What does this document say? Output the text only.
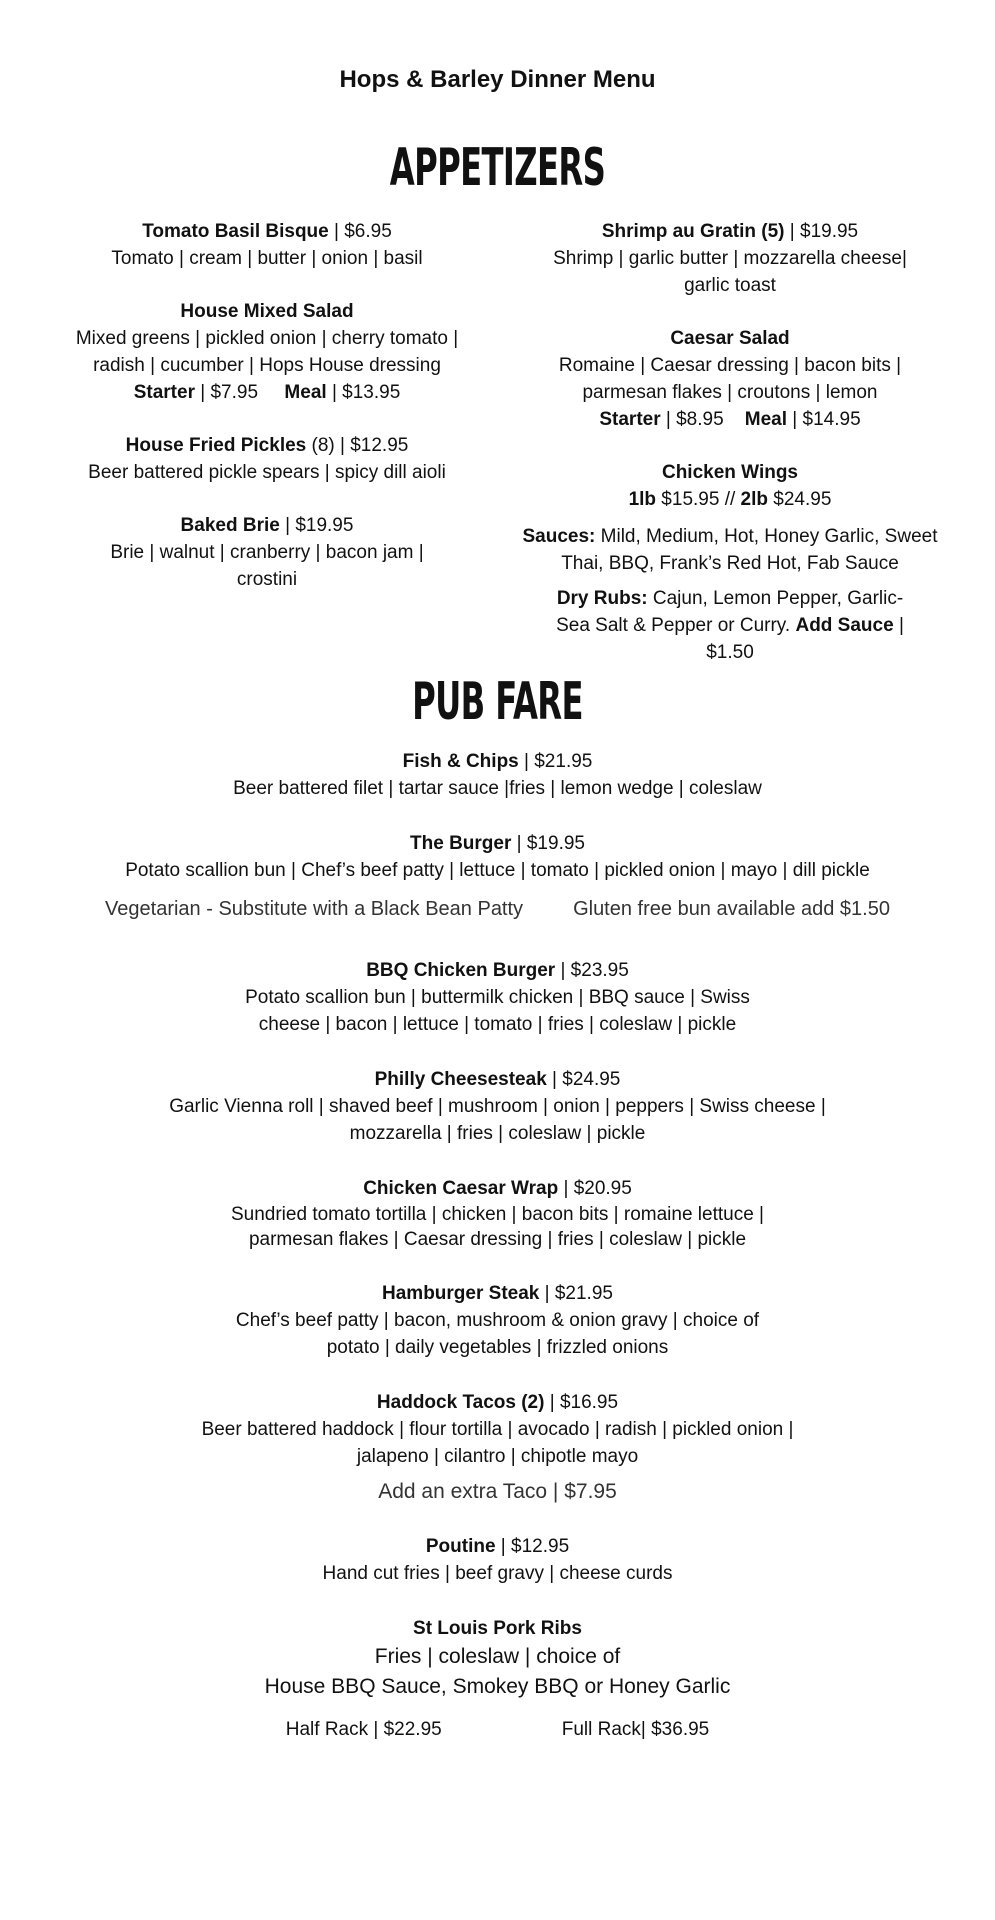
Hops & Barley Dinner Menu
APPETIZERS
Tomato Basil Bisque | $6.95
Tomato | cream | butter | onion | basil
House Mixed Salad
Mixed greens | pickled onion | cherry tomato | radish | cucumber | Hops House dressing
Starter | $7.95 Meal | $13.95
House Fried Pickles (8) | $12.95
Beer battered pickle spears | spicy dill aioli
Baked Brie | $19.95
Brie | walnut | cranberry | bacon jam | crostini
Shrimp au Gratin (5) | $19.95
Shrimp | garlic butter | mozzarella cheese| garlic toast
Caesar Salad
Romaine | Caesar dressing | bacon bits | parmesan flakes | croutons | lemon
Starter | $8.95 Meal | $14.95
Chicken Wings
1lb $15.95 // 2lb $24.95

Sauces: Mild, Medium, Hot, Honey Garlic, Sweet Thai, BBQ, Frank’s Red Hot, Fab Sauce

Dry Rubs: Cajun, Lemon Pepper, Garlic-Sea Salt & Pepper or Curry. Add Sauce | $1.50

PUB FARE
Fish & Chips | $21.95
Beer battered filet | tartar sauce |fries | lemon wedge | coleslaw
The Burger | $19.95
Potato scallion bun | Chef’s beef patty | lettuce | tomato | pickled onion | mayo | dill pickle
Vegetarian - Substitute with a Black Bean Patty	Gluten free bun available add $1.50
BBQ Chicken Burger | $23.95
Potato scallion bun | buttermilk chicken | BBQ sauce | Swiss cheese | bacon | lettuce | tomato | fries | coleslaw | pickle
Philly Cheesesteak | $24.95
Garlic Vienna roll | shaved beef | mushroom | onion | peppers | Swiss cheese | mozzarella | fries | coleslaw | pickle
Chicken Caesar Wrap | $20.95
Sundried tomato tortilla | chicken | bacon bits | romaine lettuce | parmesan flakes | Caesar dressing | fries | coleslaw | pickle
Hamburger Steak | $21.95
Chef’s beef patty | bacon, mushroom & onion gravy | choice of potato | daily vegetables | frizzled onions
Haddock Tacos (2) | $16.95
Beer battered haddock | flour tortilla | avocado | radish | pickled onion | jalapeno | cilantro | chipotle mayo
Add an extra Taco | $7.95
Poutine | $12.95
Hand cut fries | beef gravy | cheese curds
St Louis Pork Ribs
Fries | coleslaw | choice of
House BBQ Sauce, Smokey BBQ or Honey Garlic
Half Rack | $22.95	Full Rack| $36.95
